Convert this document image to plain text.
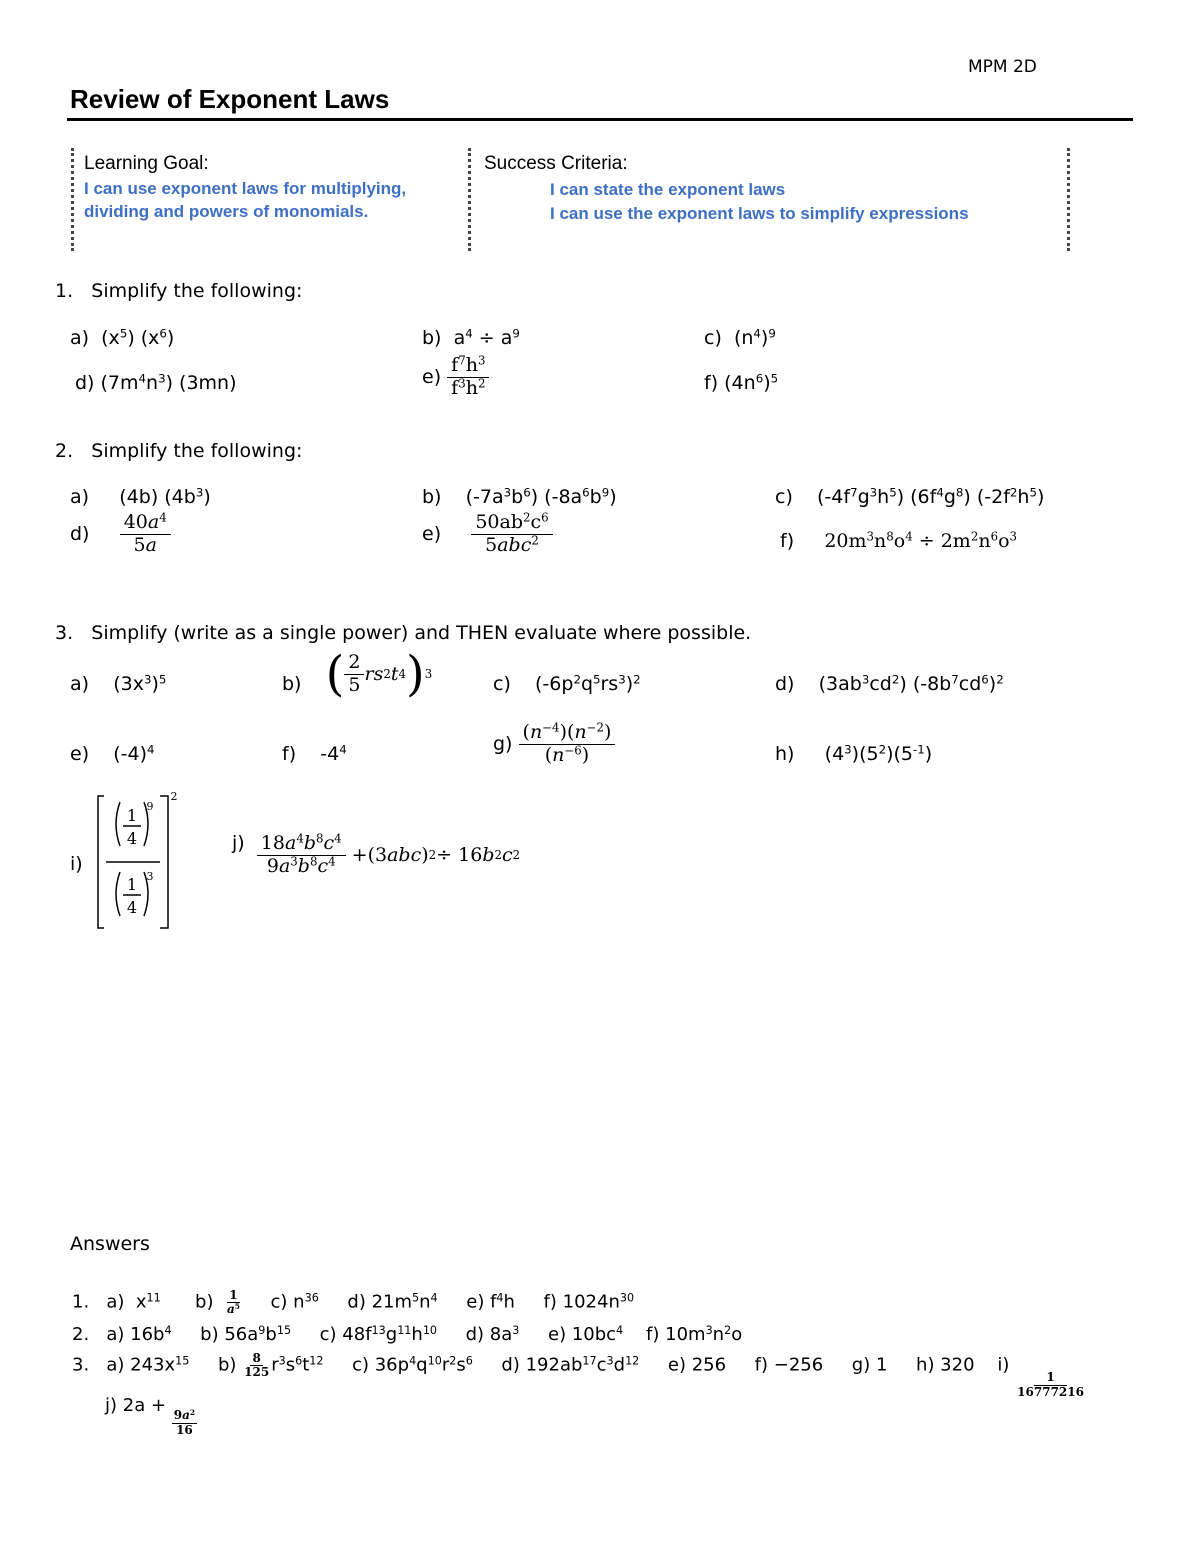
MPM 2D
Review of Exponent Laws
Learning Goal:
I can use exponent laws for multiplying,
dividing and powers of monomials.
Success Criteria:
I can state the exponent laws
I can use the exponent laws to simplify expressions
1. Simplify the following:
a)  $(x^5)$ $(x^6)$	b)  $a^4 \div a^9$	c)  $(n^4)^9$
d) $(7m^4n^3)$ (3mn)	$e) \frac{f^7h^3}{f^3h^2}$	f) $(4n^6)^5$
2. Simplify the following:
a)     (4b) $(4b^3)$	b)    $(-7a^3b^6)$ $(-8a^6b^9)$	c)    $(-4f^7g^3h^5)$ $(6f^4g^8)$ $(-2f^2h^5)$
$d) \frac{40a^4}{5a}$	$e) \frac{50ab^2c^6}{5abc^2}$	f) $20m^3n^8o^4 \div 2m^2n^6o^3$
3. Simplify (write as a single power) and THEN evaluate where possible.
a)    $(3x^3)^5$	b) ( $\frac{2}{5}$ rs 2 t 4 ) 3	c)    $(-6p^2q^5rs^3)^2$	d)    $(3ab^3cd^2)$ $(-8b^7cd^6)^2$
e)    $(-4)^4$	f)    $-4^4$	$g) \frac{(n^{-4})(n^{-2})}{(n^{-6})}$	h)     $(4^3)(5^2)(5^{-1})$
i)
1
4
1
4
9
3
2
$j) \frac{18a^4b^8c^4}{9a^3b^8c^4} +(3$ abc ) 2 ÷ 16 b 2 c 2
Answers
1.   a)  $x^{11}$      $b) \frac{1}{a^5} c$) $n^{36}$     d) $21m^5n^4$     e) $f^4h$     f) $1024n^{30}$
2.   a) $16b^4$     b) $56a^9b^{15}$     c) $48f^{13}g^{11}h^{10}$     d) $8a^3$     e) $10bc^4$    f) $10m^3n^2o$
3.   a) $243x^{15}$     $b) \frac{8}{125} r^3s^6t^{12}$     c) $36p^4q^{10}r^2s^6$     d) $192ab^{17}c^3d^{12}$     e) 256     f) −256     g) 1     h) 320    i)
$\frac{1}{16777216}$
j) 2a +
$\frac{9a^2}{16}$
